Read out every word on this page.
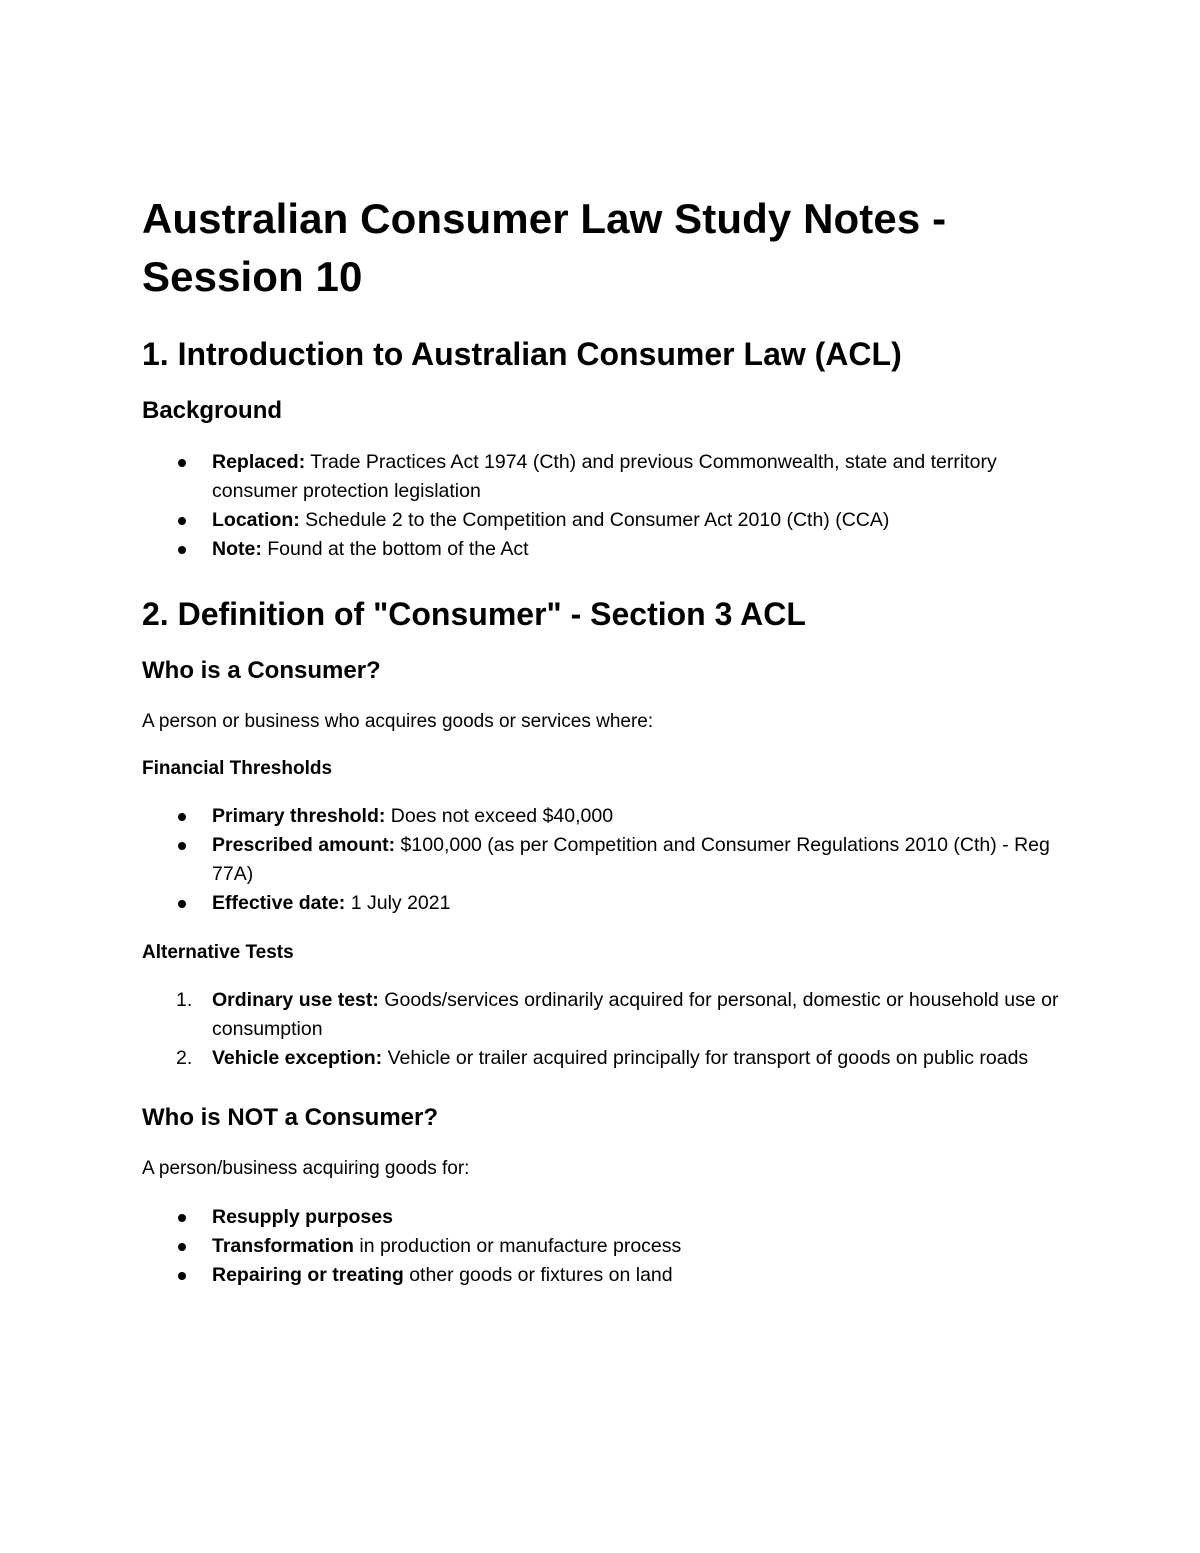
Australian Consumer Law Study Notes - Session 10
1. Introduction to Australian Consumer Law (ACL)
Background
Replaced: Trade Practices Act 1974 (Cth) and previous Commonwealth, state and territory consumer protection legislation
Location: Schedule 2 to the Competition and Consumer Act 2010 (Cth) (CCA)
Note: Found at the bottom of the Act
2. Definition of "Consumer" - Section 3 ACL
Who is a Consumer?

A person or business who acquires goods or services where:

Financial Thresholds
Primary threshold: Does not exceed $40,000
Prescribed amount: $100,000 (as per Competition and Consumer Regulations 2010 (Cth) - Reg 77A)
Effective date: 1 July 2021
Alternative Tests
1. Ordinary use test: Goods/services ordinarily acquired for personal, domestic or household use or consumption
2. Vehicle exception: Vehicle or trailer acquired principally for transport of goods on public roads
Who is NOT a Consumer?

A person/business acquiring goods for:

Resupply purposes
Transformation in production or manufacture process
Repairing or treating other goods or fixtures on land
